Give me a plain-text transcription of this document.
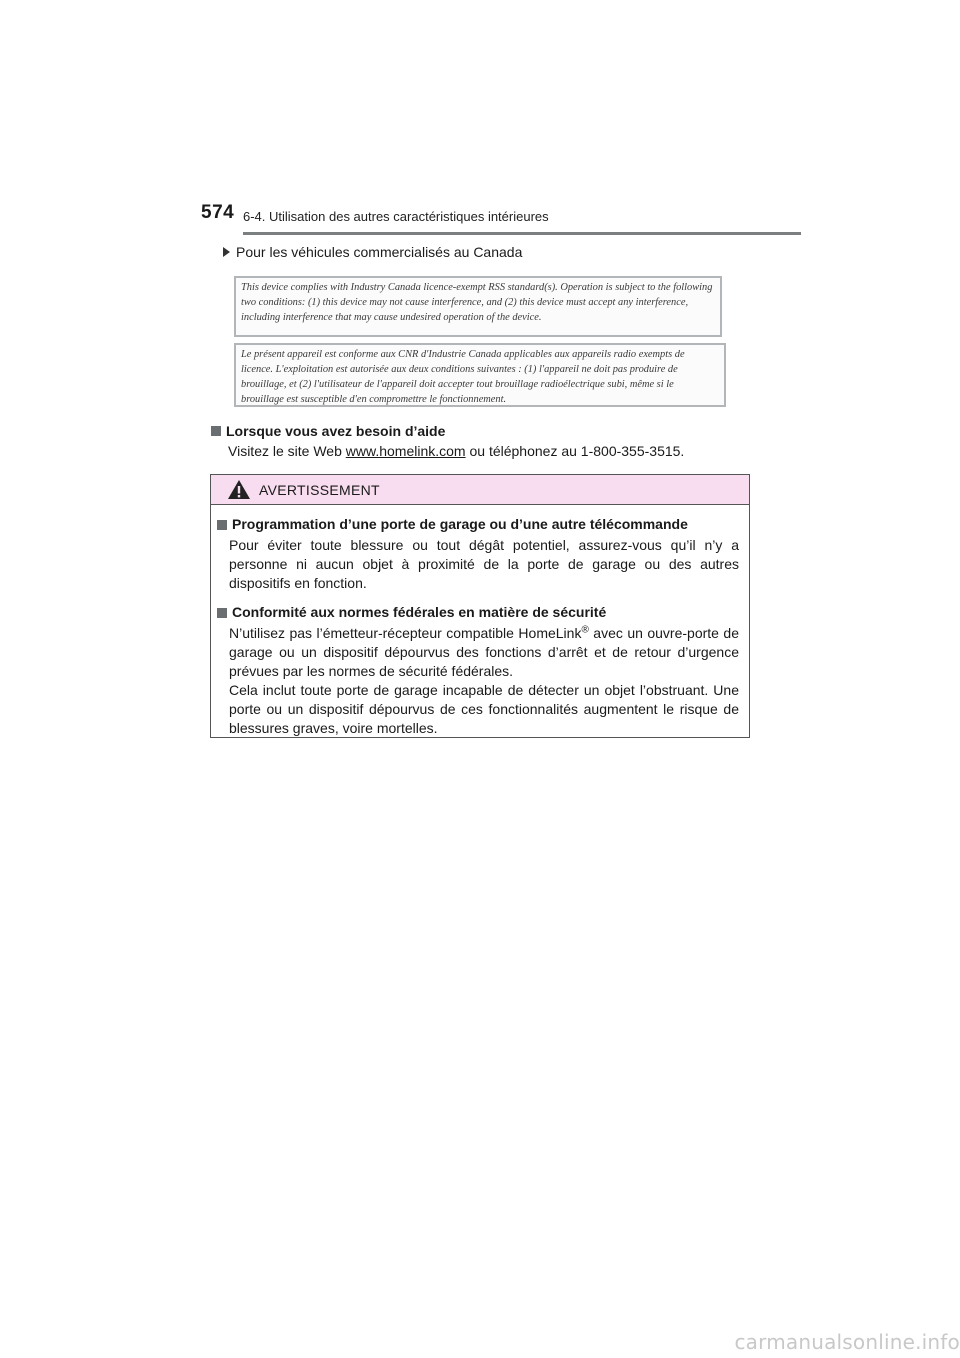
574 6-4. Utilisation des autres caractéristiques intérieures
Pour les véhicules commercialisés au Canada
This device complies with Industry Canada licence-exempt RSS standard(s). Operation is subject to the following two conditions: (1) this device may not cause interference, and (2) this device must accept any interference, including interference that may cause undesired operation of the device.
Le présent appareil est conforme aux CNR d'Industrie Canada applicables aux appareils radio exempts de licence. L'exploitation est autorisée aux deux conditions suivantes : (1) l'appareil ne doit pas produire de brouillage, et (2) l'utilisateur de l'appareil doit accepter tout brouillage radioélectrique subi, même si le brouillage est susceptible d'en compromettre le fonctionnement.
Lorsque vous avez besoin d’aide
Visitez le site Web www.homelink.com ou téléphonez au 1-800-355-3515.
AVERTISSEMENT
Programmation d’une porte de garage ou d’une autre télécommande
Pour éviter toute blessure ou tout dégât potentiel, assurez-vous qu’il n’y a personne ni aucun objet à proximité de la porte de garage ou des autres dispositifs en fonction.
Conformité aux normes fédérales en matière de sécurité
N’utilisez pas l’émetteur-récepteur compatible HomeLink® avec un ouvre-porte de garage ou un dispositif dépourvus des fonctions d’arrêt et de retour d’urgence prévues par les normes de sécurité fédérales.
Cela inclut toute porte de garage incapable de détecter un objet l’obstruant. Une porte ou un dispositif dépourvus de ces fonctionnalités augmentent le risque de blessures graves, voire mortelles.
carmanualsonline.info
